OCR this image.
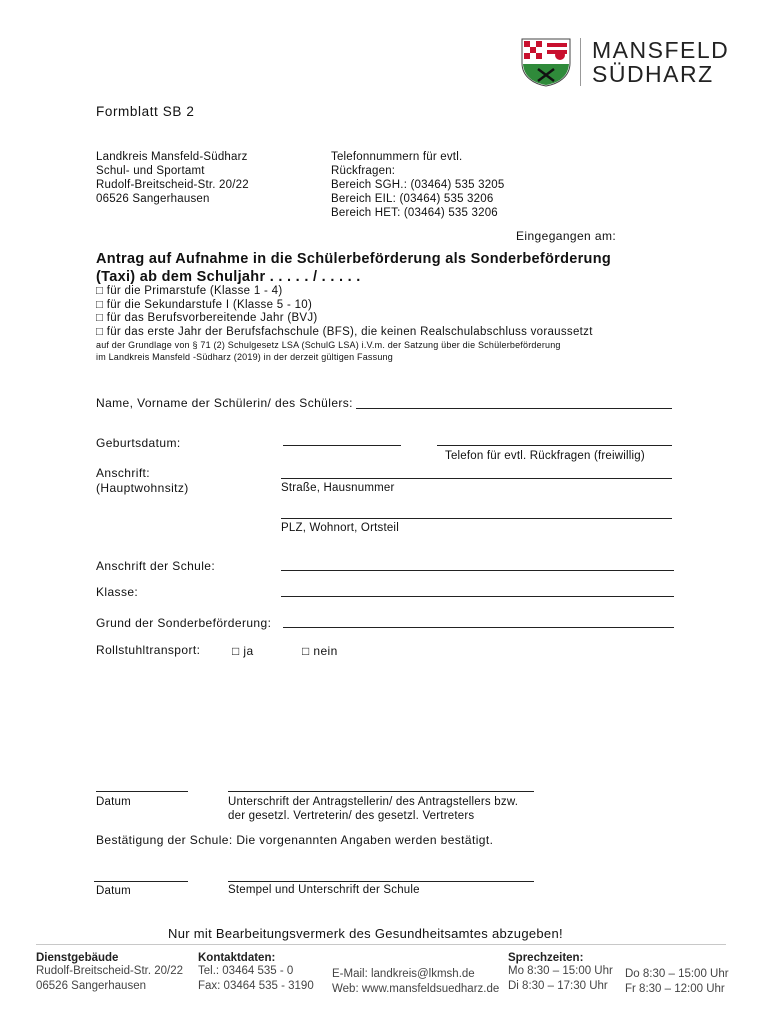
MANSFELD
SÜDHARZ
Formblatt SB 2
Landkreis Mansfeld-Südharz
Schul- und Sportamt
Rudolf-Breitscheid-Str. 20/22
06526 Sangerhausen
Telefonnummern für evtl.
Rückfragen:
Bereich SGH.: (03464) 535 3205
Bereich EIL: (03464) 535 3206
Bereich HET: (03464) 535 3206
Eingegangen am:
Antrag auf Aufnahme in die Schülerbeförderung als Sonderbeförderung
(Taxi) ab dem Schuljahr . . . . . / . . . . .
□ für die Primarstufe (Klasse 1 - 4)
□ für die Sekundarstufe I (Klasse 5 - 10)
□ für das Berufsvorbereitende Jahr (BVJ)
□ für das erste Jahr der Berufsfachschule (BFS), die keinen Realschulabschluss voraussetzt
auf der Grundlage von § 71 (2) Schulgesetz LSA (SchulG LSA) i.V.m. der Satzung über die Schülerbeförderung
im Landkreis Mansfeld -Südharz (2019) in der derzeit gültigen Fassung
Name, Vorname der Schülerin/ des Schülers:
Geburtsdatum:
Telefon für evtl. Rückfragen (freiwillig)
Anschrift:
(Hauptwohnsitz)	Straße, Hausnummer
PLZ, Wohnort, Ortsteil
Anschrift der Schule:
Klasse:
Grund der Sonderbeförderung:
Rollstuhltransport:	□ ja	□ nein
Datum	Unterschrift der Antragstellerin/ des Antragstellers bzw.
der gesetzl. Vertreterin/ des gesetzl. Vertreters
Bestätigung der Schule: Die vorgenannten Angaben werden bestätigt.
Datum	Stempel und Unterschrift der Schule
Nur mit Bearbeitungsvermerk des Gesundheitsamtes abzugeben!
Dienstgebäude
Rudolf-Breitscheid-Str. 20/22
06526 Sangerhausen
Kontaktdaten:
Tel.: 03464 535 - 0
Fax: 03464 535 - 3190
E-Mail: landkreis@lkmsh.de
Web: www.mansfeldsuedharz.de
Sprechzeiten:
Mo 8:30 – 15:00 Uhr
Di 8:30 – 17:30 Uhr
Do 8:30 – 15:00 Uhr
Fr 8:30 – 12:00 Uhr
